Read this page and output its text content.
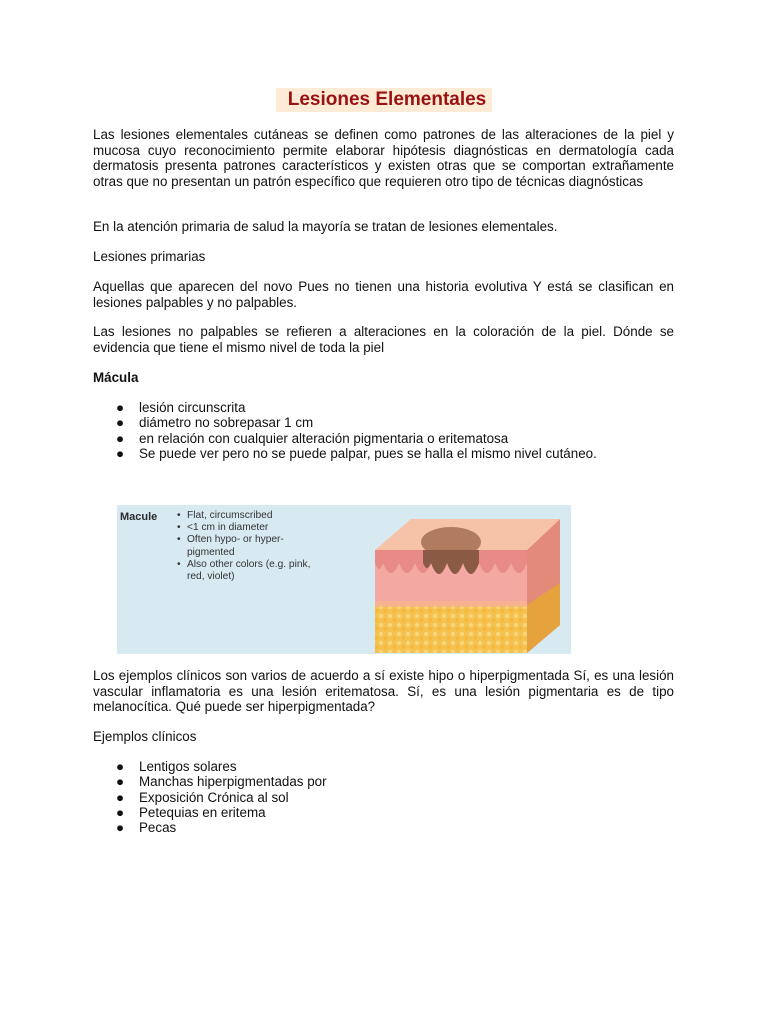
Lesiones Elementales

Las lesiones elementales cutáneas se definen como patrones de las alteraciones de la piel y mucosa cuyo reconocimiento permite elaborar hipótesis diagnósticas en dermatología cada dermatosis presenta patrones característicos y existen otras que se comportan extrañamente otras que no presentan un patrón específico que requieren otro tipo de técnicas diagnósticas

En la atención primaria de salud la mayoría se tratan de lesiones elementales.

Lesiones primarias

Aquellas que aparecen del novo Pues no tienen una historia evolutiva Y está se clasifican en lesiones palpables y no palpables.

Las lesiones no palpables se refieren a alteraciones en la coloración de la piel. Dónde se evidencia que tiene el mismo nivel de toda la piel

Mácula

● lesión circunscrita
● diámetro no sobrepasar 1 cm
● en relación con cualquier alteración pigmentaria o eritematosa
● Se puede ver pero no se puede palpar, pues se halla el mismo nivel cutáneo.
Macule • Flat, circumscribed
• <1 cm in diameter
• Often hypo- or hyper-
pigmented
• Also other colors (e.g. pink,
red, violet)

Los ejemplos clínicos son varios de acuerdo a sí existe hipo o hiperpigmentada Sí, es una lesión vascular inflamatoria es una lesión eritematosa. Sí, es una lesión pigmentaria es de tipo melanocítica. Qué puede ser hiperpigmentada?

Ejemplos clínicos

● Lentigos solares
● Manchas hiperpigmentadas por
● Exposición Crónica al sol
● Petequias en eritema
● Pecas
